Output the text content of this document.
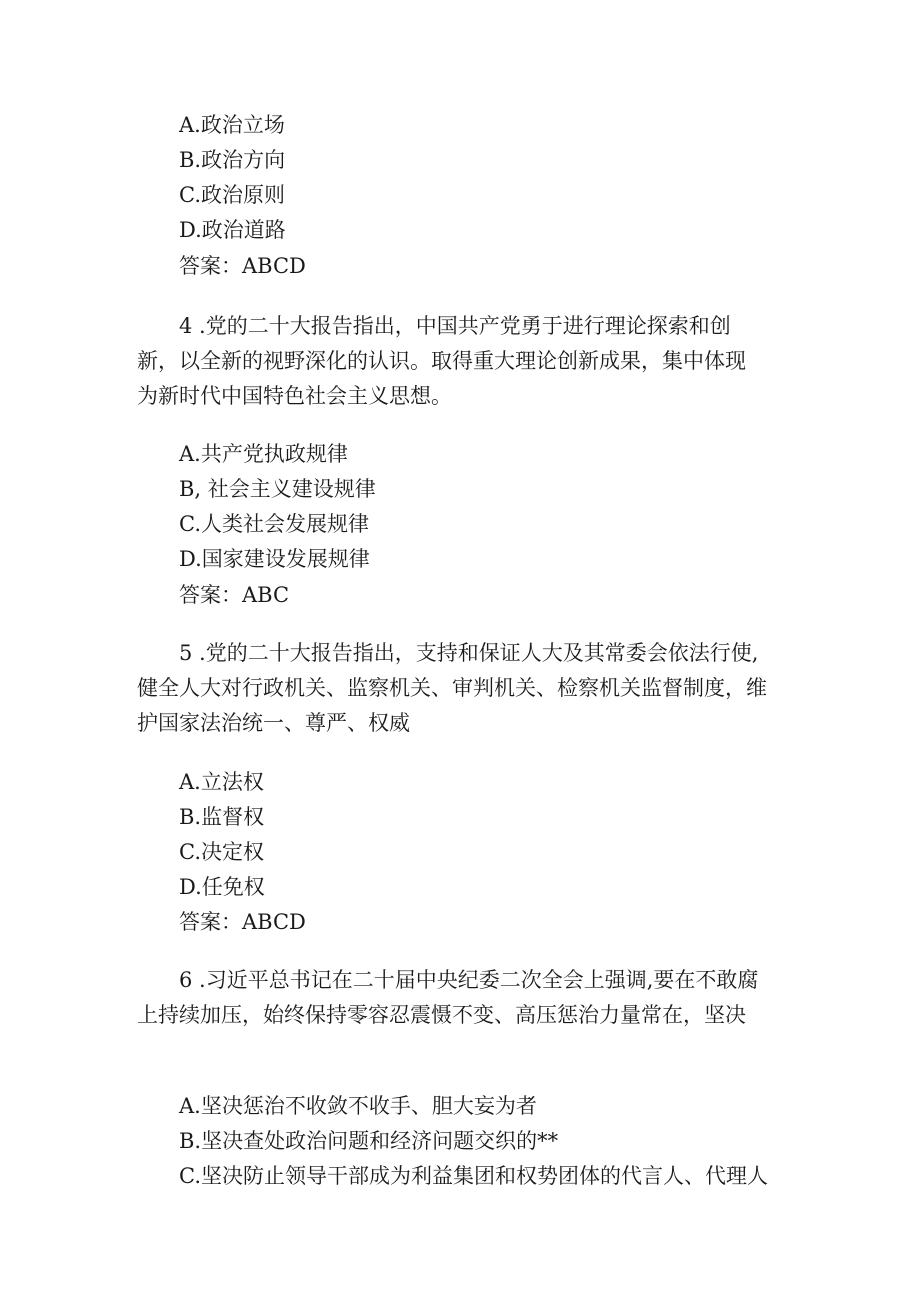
A.政治立场
B.政治方向
C.政治原则
D.政治道路
答案：ABCD
4 .党的二十大报告指出，中国共产党勇于进行理论探索和创
新，以全新的视野深化的认识。取得重大理论创新成果，集中体现
为新时代中国特色社会主义思想。
A.共产党执政规律
B, 社会主义建设规律
C.人类社会发展规律
D.国家建设发展规律
答案：ABC
5 .党的二十大报告指出，支持和保证人大及其常委会依法行使,
健全人大对行政机关、监察机关、审判机关、检察机关监督制度，维
护国家法治统一、尊严、权威
A.立法权
B.监督权
C.决定权
D.任免权
答案：ABCD
6 .习近平总书记在二十届中央纪委二次全会上强调,要在不敢腐
上持续加压，始终保持零容忍震慑不变、高压惩治力量常在，坚决
A.坚决惩治不收敛不收手、胆大妄为者
B.坚决查处政治问题和经济问题交织的**
C.坚决防止领导干部成为利益集团和权势团体的代言人、代理人
